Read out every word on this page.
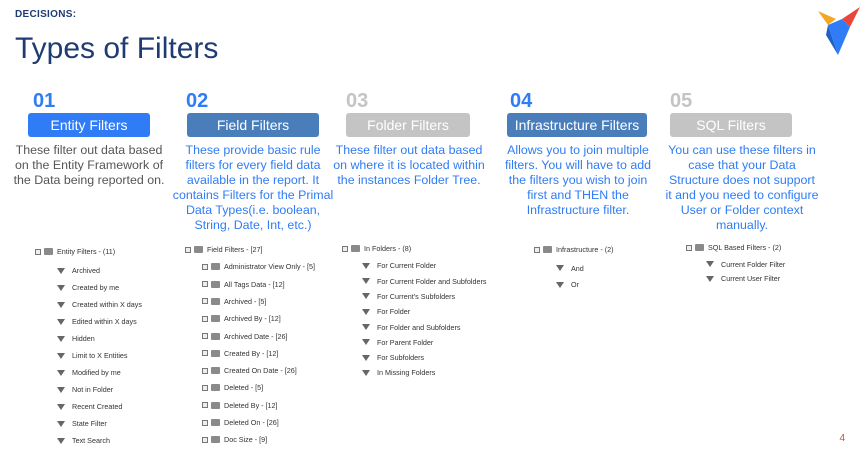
DECISIONS:
Types of Filters
01
Entity Filters
These filter out data based
on the Entity Framework of
the Data being reported on.
02
Field Filters
These provide basic rule
filters for every field data
available in the report. It
contains Filters for the Primal
Data Types(i.e. boolean,
String, Date, Int, etc.)
03
Folder Filters
These filter out data based
on where it is located within
the instances Folder Tree.
04
Infrastructure Filters
Allows you to join multiple
filters. You will have to add
the filters you wish to join
first and THEN the
Infrastructure filter.
05
SQL Filters
You can use these filters in
case that your Data
Structure does not support
it and you need to configure
User or Folder context
manually.
Entity Filters - (11)
Archived
Created by me
Created within X days
Edited within X days
Hidden
Limit to X Entities
Modified by me
Not in Folder
Recent Created
State Filter
Text Search
Field Filters - [27]
Administrator View Only - [5]
All Tags Data - [12]
Archived - [5]
Archived By - [12]
Archived Date - [26]
Created By - [12]
Created On Date - [26]
Deleted - [5]
Deleted By - [12]
Deleted On - [26]
Doc Size - [9]
In Folders - (8)
For Current Folder
For Current Folder and Subfolders
For Current's Subfolders
For Folder
For Folder and Subfolders
For Parent Folder
For Subfolders
In Missing Folders
Infrastructure - (2)
And
Or
SQL Based Filters - (2)
Current Folder Filter
Current User Filter
4
